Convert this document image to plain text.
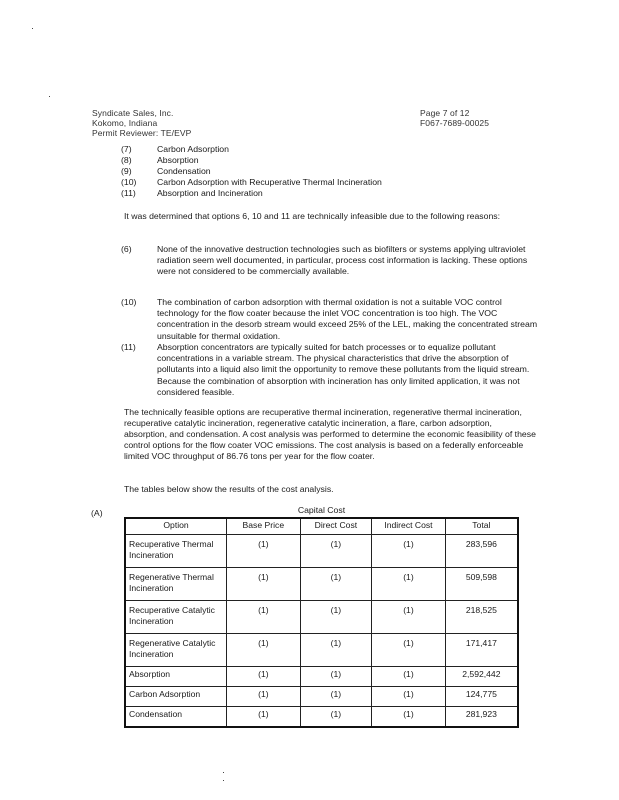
Syndicate Sales, Inc.
Kokomo, Indiana
Permit Reviewer: TE/EVP
Page 7 of 12
F067-7689-00025
(7)	Carbon Adsorption
(8)	Absorption
(9)	Condensation
(10)	Carbon Adsorption with Recuperative Thermal Incineration
(11)	Absorption and Incineration
It was determined that options 6, 10 and 11 are technically infeasible due to the following reasons:
(6)	None of the innovative destruction technologies such as biofilters or systems applying ultraviolet radiation seem well documented, in particular, process cost information is lacking. These options were not considered to be commercially available.
(10) The combination of carbon adsorption with thermal oxidation is not a suitable VOC control technology for the flow coater because the inlet VOC concentration is too high. The VOC concentration in the desorb stream would exceed 25% of the LEL, making the concentrated stream unsuitable for thermal oxidation.
(11) Absorption concentrators are typically suited for batch processes or to equalize pollutant concentrations in a variable stream. The physical characteristics that drive the absorption of pollutants into a liquid also limit the opportunity to remove these pollutants from the liquid stream. Because the combination of absorption with incineration has only limited application, it was not considered feasible.
The technically feasible options are recuperative thermal incineration, regenerative thermal incineration, recuperative catalytic incineration, regenerative catalytic incineration, a flare, carbon adsorption, absorption, and condensation. A cost analysis was performed to determine the economic feasibility of these control options for the flow coater VOC emissions. The cost analysis is based on a federally enforceable limited VOC throughput of 86.76 tons per year for the flow coater.
The tables below show the results of the cost analysis.
(A)	Capital Cost
Option	Base Price	Direct Cost	Indirect Cost	Total
Recuperative Thermal Incineration	(1)	(1)	(1)	283,596
Regenerative Thermal Incineration	(1)	(1)	(1)	509,598
Recuperative Catalytic Incineration	(1)	(1)	(1)	218,525
Regenerative Catalytic Incineration	(1)	(1)	(1)	171,417
Absorption	(1)	(1)	(1)	2,592,442
Carbon Adsorption	(1)	(1)	(1)	124,775
Condensation	(1)	(1)	(1)	281,923
